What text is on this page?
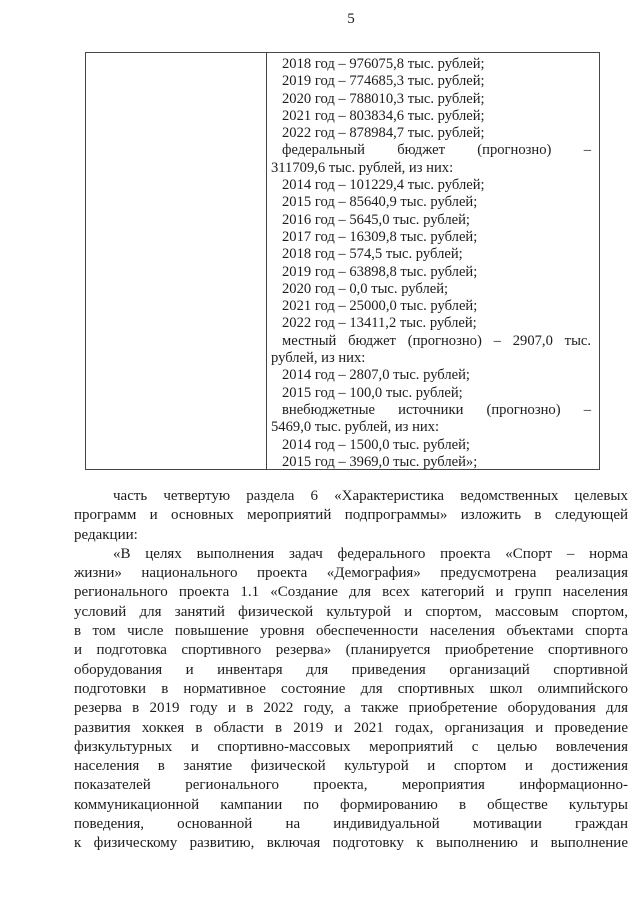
5
2018 год – 976075,8 тыс. рублей;
2019 год – 774685,3 тыс. рублей;
2020 год – 788010,3 тыс. рублей;
2021 год – 803834,6 тыс. рублей;
2022 год – 878984,7 тыс. рублей;
федеральный бюджет (прогнозно) –
311709,6 тыс. рублей, из них:
2014 год – 101229,4 тыс. рублей;
2015 год – 85640,9 тыс. рублей;
2016 год – 5645,0 тыс. рублей;
2017 год – 16309,8 тыс. рублей;
2018 год – 574,5 тыс. рублей;
2019 год – 63898,8 тыс. рублей;
2020 год – 0,0 тыс. рублей;
2021 год – 25000,0 тыс. рублей;
2022 год – 13411,2 тыс. рублей;
местный бюджет (прогнозно) – 2907,0 тыс.
рублей, из них:
2014 год – 2807,0 тыс. рублей;
2015 год – 100,0 тыс. рублей;
внебюджетные источники (прогнозно) –
5469,0 тыс. рублей, из них:
2014 год – 1500,0 тыс. рублей;
2015 год – 3969,0 тыс. рублей»;
часть четвертую раздела 6 «Характеристика ведомственных целевых
программ и основных мероприятий подпрограммы» изложить в следующей
редакции:
«В целях выполнения задач федерального проекта «Спорт – норма
жизни» национального проекта «Демография» предусмотрена реализация
регионального проекта 1.1 «Создание для всех категорий и групп населения
условий для занятий физической культурой и спортом, массовым спортом,
в том числе повышение уровня обеспеченности населения объектами спорта
и подготовка спортивного резерва» (планируется приобретение спортивного
оборудования и инвентаря для приведения организаций спортивной
подготовки в нормативное состояние для спортивных школ олимпийского
резерва в 2019 году и в 2022 году, а также приобретение оборудования для
развития хоккея в области в 2019 и 2021 годах, организация и проведение
физкультурных и спортивно-массовых мероприятий с целью вовлечения
населения в занятие физической культурой и спортом и достижения
показателей регионального проекта, мероприятия информационно-
коммуникационной кампании по формированию в обществе культуры
поведения, основанной на индивидуальной мотивации граждан
к физическому развитию, включая подготовку к выполнению и выполнение
